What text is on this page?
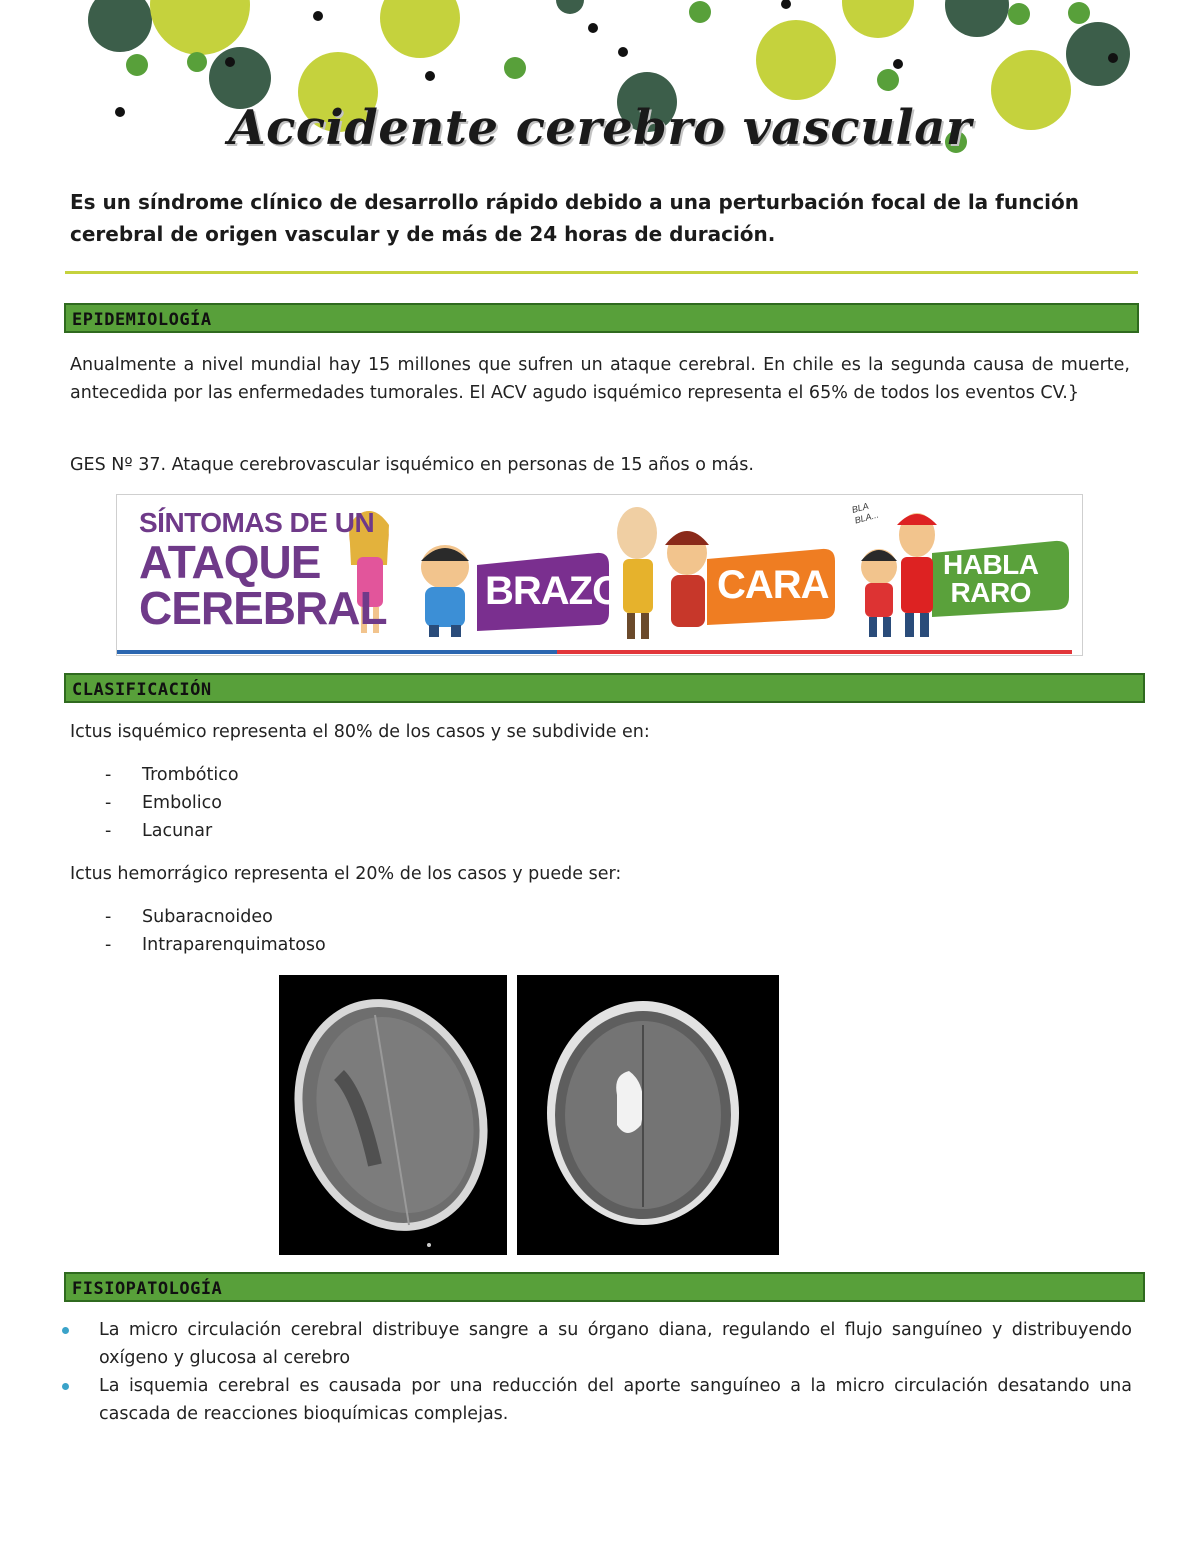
Accidente cerebro vascular
Es un síndrome clínico de desarrollo rápido debido a una perturbación focal de la función cerebral de origen vascular y de más de 24 horas de duración.
EPIDEMIOLOGÍA
Anualmente a nivel mundial hay 15 millones que sufren un ataque cerebral. En chile es la segunda causa de muerte, antecedida por las enfermedades tumorales. El ACV agudo isquémico representa el 65% de todos los eventos CV.}
GES Nº 37. Ataque cerebrovascular isquémico en personas de 15 años o más.
SÍNTOMAS DE UN
ATAQUE
CEREBRAL BRAZO CARA	HABLA
RARO
BLA BLA...
CLASIFICACIÓN
Ictus isquémico representa el 80% de los casos y se subdivide en:
- Trombótico
- Embolico
- Lacunar
Ictus hemorrágico representa el 20% de los casos y puede ser:
- Subaracnoideo
- Intraparenquimatoso
FISIOPATOLOGÍA
La micro circulación cerebral distribuye sangre a su órgano diana, regulando el flujo sanguíneo y distribuyendo oxígeno y glucosa al cerebro
La isquemia cerebral es causada por una reducción del aporte sanguíneo a la micro circulación desatando una cascada de reacciones bioquímicas complejas.
